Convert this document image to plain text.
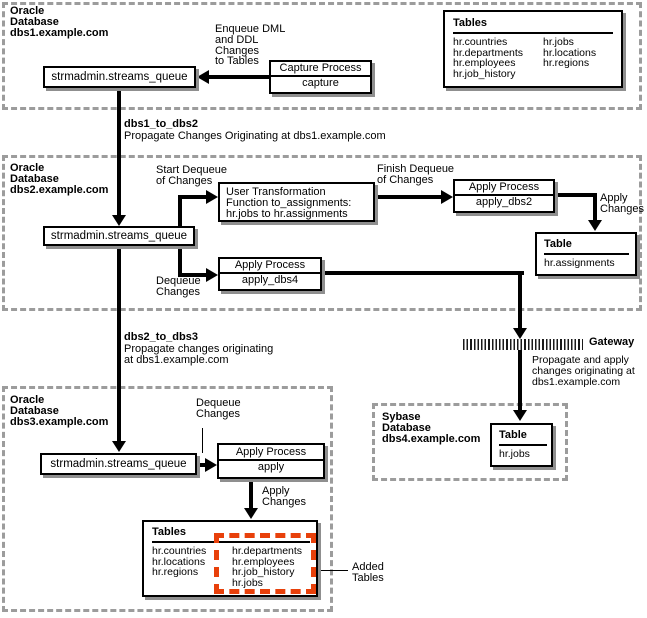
Oracle
Database
dbs1.example.com	Enqueue DML
and DDL
Changes
to Tables
strmadmin.streams_queue
Capture Process
capture
Tables
hr.countries
hr.departments
hr.employees
hr.job_history
hr.jobs
hr.locations
hr.regions
dbs1_to_dbs2
Propagate Changes Originating at dbs1.example.com
Oracle
Database
dbs2.example.com
Start Dequeue
of Changes
Finish Dequeue
of Changes
User Transformation
Function to_assignments:
hr.jobs to hr.assignments
Apply Process
apply_dbs2	Apply
Changes
Table
hr.assignments
strmadmin.streams_queue
Apply Process
apply_dbs4
Dequeue
Changes
dbs2_to_dbs3
Propagate changes originating
at dbs1.example.com
Gateway
Propagate and apply
changes originating at
dbs1.example.com
Oracle
Database
dbs3.example.com
Dequeue
Changes
strmadmin.streams_queue
Apply Process
apply
Apply
Changes
Tables
hr.countries
hr.locations
hr.regions
hr.departments
hr.employees
hr.job_history
hr.jobs
Added
Tables
Sybase
Database
dbs4.example.com Table
hr.jobs
